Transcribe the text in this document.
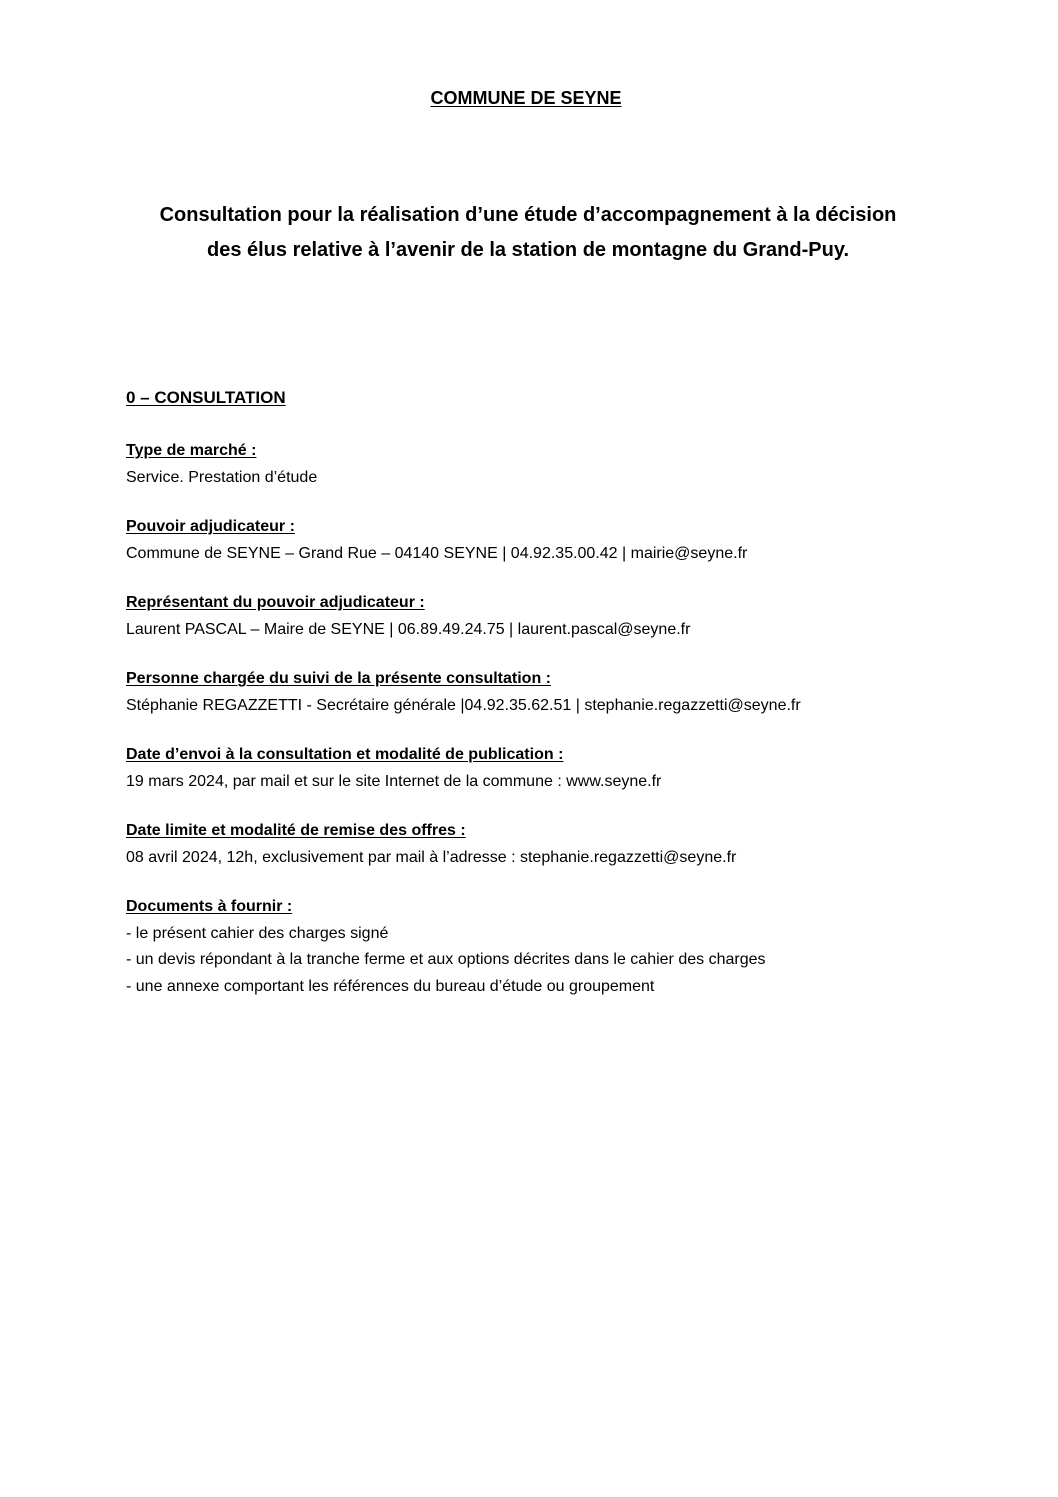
COMMUNE DE SEYNE
Consultation pour la réalisation d’une étude d’accompagnement à la décision
des élus relative à l’avenir de la station de montagne du Grand-Puy.
0 – CONSULTATION
Type de marché :
Service. Prestation d’étude
Pouvoir adjudicateur :
Commune de SEYNE – Grand Rue – 04140 SEYNE | 04.92.35.00.42 | mairie@seyne.fr
Représentant du pouvoir adjudicateur :
Laurent PASCAL – Maire de SEYNE | 06.89.49.24.75 | laurent.pascal@seyne.fr
Personne chargée du suivi de la présente consultation :
Stéphanie REGAZZETTI - Secrétaire générale |04.92.35.62.51 | stephanie.regazzetti@seyne.fr
Date d’envoi à la consultation et modalité de publication :
19 mars 2024, par mail et sur le site Internet de la commune : www.seyne.fr
Date limite et modalité de remise des offres :
08 avril 2024, 12h, exclusivement par mail à l’adresse : stephanie.regazzetti@seyne.fr
Documents à fournir :
- le présent cahier des charges signé
- un devis répondant à la tranche ferme et aux options décrites dans le cahier des charges
- une annexe comportant les références du bureau d’étude ou groupement
